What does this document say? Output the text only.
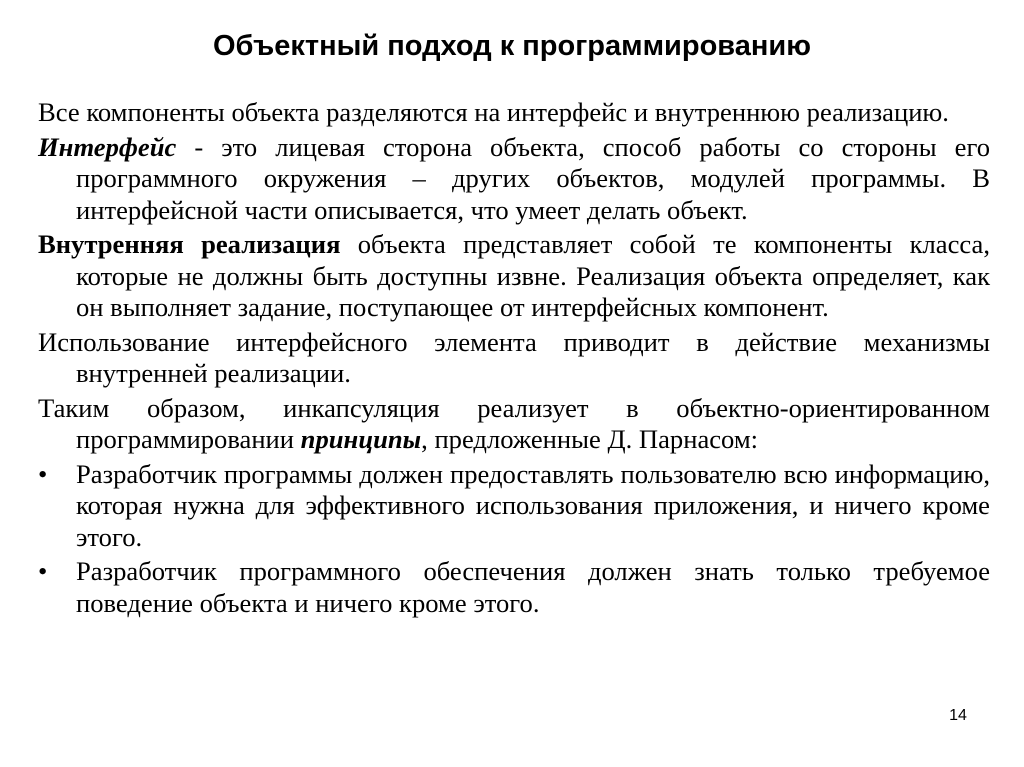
Объектный подход к программированию

Все компоненты объекта разделяются на интерфейс и внутреннюю реализацию.

Интерфейс - это лицевая сторона объекта, способ работы со стороны его программного окружения – других объектов, модулей программы. В интерфейсной части описывается, что умеет делать объект.

Внутренняя реализация объекта представляет собой те компоненты класса, которые не должны быть доступны извне. Реализация объекта определяет, как он выполняет задание, поступающее от интерфейсных компонент.

Использование интерфейсного элемента приводит в действие механизмы внутренней реализации.

Таким образом, инкапсуляция реализует в объектно-ориентированном программировании принципы, предложенные Д. Парнасом:

•	Разработчик программы должен предоставлять пользователю всю информацию, которая нужна для эффективного использования приложения, и ничего кроме этого.
•	Разработчик программного обеспечения должен знать только требуемое поведение объекта и ничего кроме этого.
14
